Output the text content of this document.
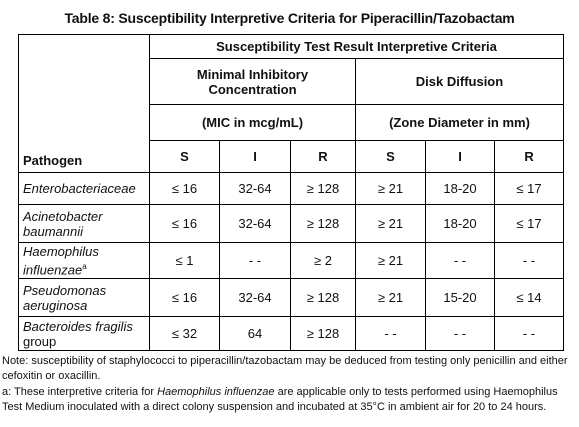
Table 8: Susceptibility Interpretive Criteria for Piperacillin/Tazobactam
Pathogen	Susceptibility Test Result Interpretive Criteria					
	Minimal Inhibitory Concentration			Disk Diffusion		
	(MIC in mcg/mL)			(Zone Diameter in mm)		
	S	I	R	S	I	R
Enterobacteriaceae	≤ 16	32-64	≥ 128	≥ 21	18-20	≤ 17
Acinetobacter
baumannii	≤ 16	32-64	≥ 128	≥ 21	18-20	≤ 17
Haemophilus
influenzae$^a$	≤ 1	- -	≥ 2	≥ 21	- -	- -
Pseudomonas
aeruginosa	≤ 16	32-64	≥ 128	≥ 21	15-20	≤ 14
Bacteroides fragilis
group	≤ 32	64	≥ 128	- -	- -	- -

Note: susceptibility of staphylococci to piperacillin/tazobactam may be deduced from testing only penicillin and either cefoxitin or oxacillin.

a: These interpretive criteria for Haemophilus influenzae are applicable only to tests performed using Haemophilus Test Medium inoculated with a direct colony suspension and incubated at 35°C in ambient air for 20 to 24 hours.
